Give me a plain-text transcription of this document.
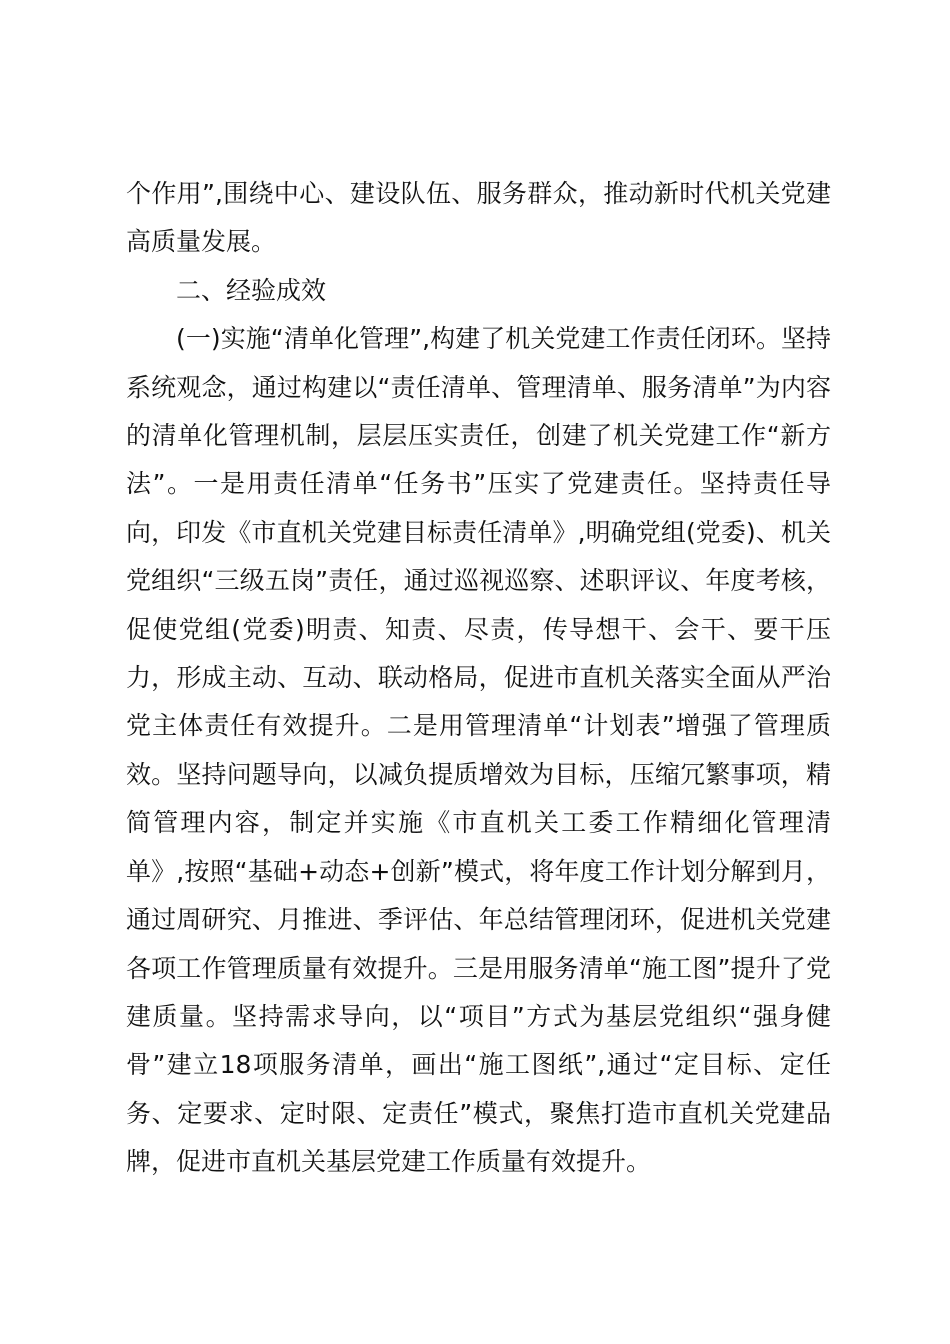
个作用”,围绕中心、建设队伍、服务群众，推动新时代机关党建高质量发展。

二、经验成效

(一)实施“清单化管理”,构建了机关党建工作责任闭环。坚持系统观念，通过构建以“责任清单、管理清单、服务清单”为内容的清单化管理机制，层层压实责任，创建了机关党建工作“新方法”。一是用责任清单“任务书”压实了党建责任。坚持责任导向，印发《市直机关党建目标责任清单》,明确党组(党委)、机关党组织“三级五岗”责任，通过巡视巡察、述职评议、年度考核，促使党组(党委)明责、知责、尽责，传导想干、会干、要干压力，形成主动、互动、联动格局，促进市直机关落实全面从严治党主体责任有效提升。二是用管理清单“计划表”增强了管理质效。坚持问题导向，以减负提质增效为目标，压缩冗繁事项，精简管理内容，制定并实施《市直机关工委工作精细化管理清单》,按照“基础+动态+创新”模式，将年度工作计划分解到月，通过周研究、月推进、季评估、年总结管理闭环，促进机关党建各项工作管理质量有效提升。三是用服务清单“施工图”提升了党建质量。坚持需求导向，以“项目”方式为基层党组织“强身健骨”建立18项服务清单，画出“施工图纸”,通过“定目标、定任务、定要求、定时限、定责任”模式，聚焦打造市直机关党建品牌，促进市直机关基层党建工作质量有效提升。
